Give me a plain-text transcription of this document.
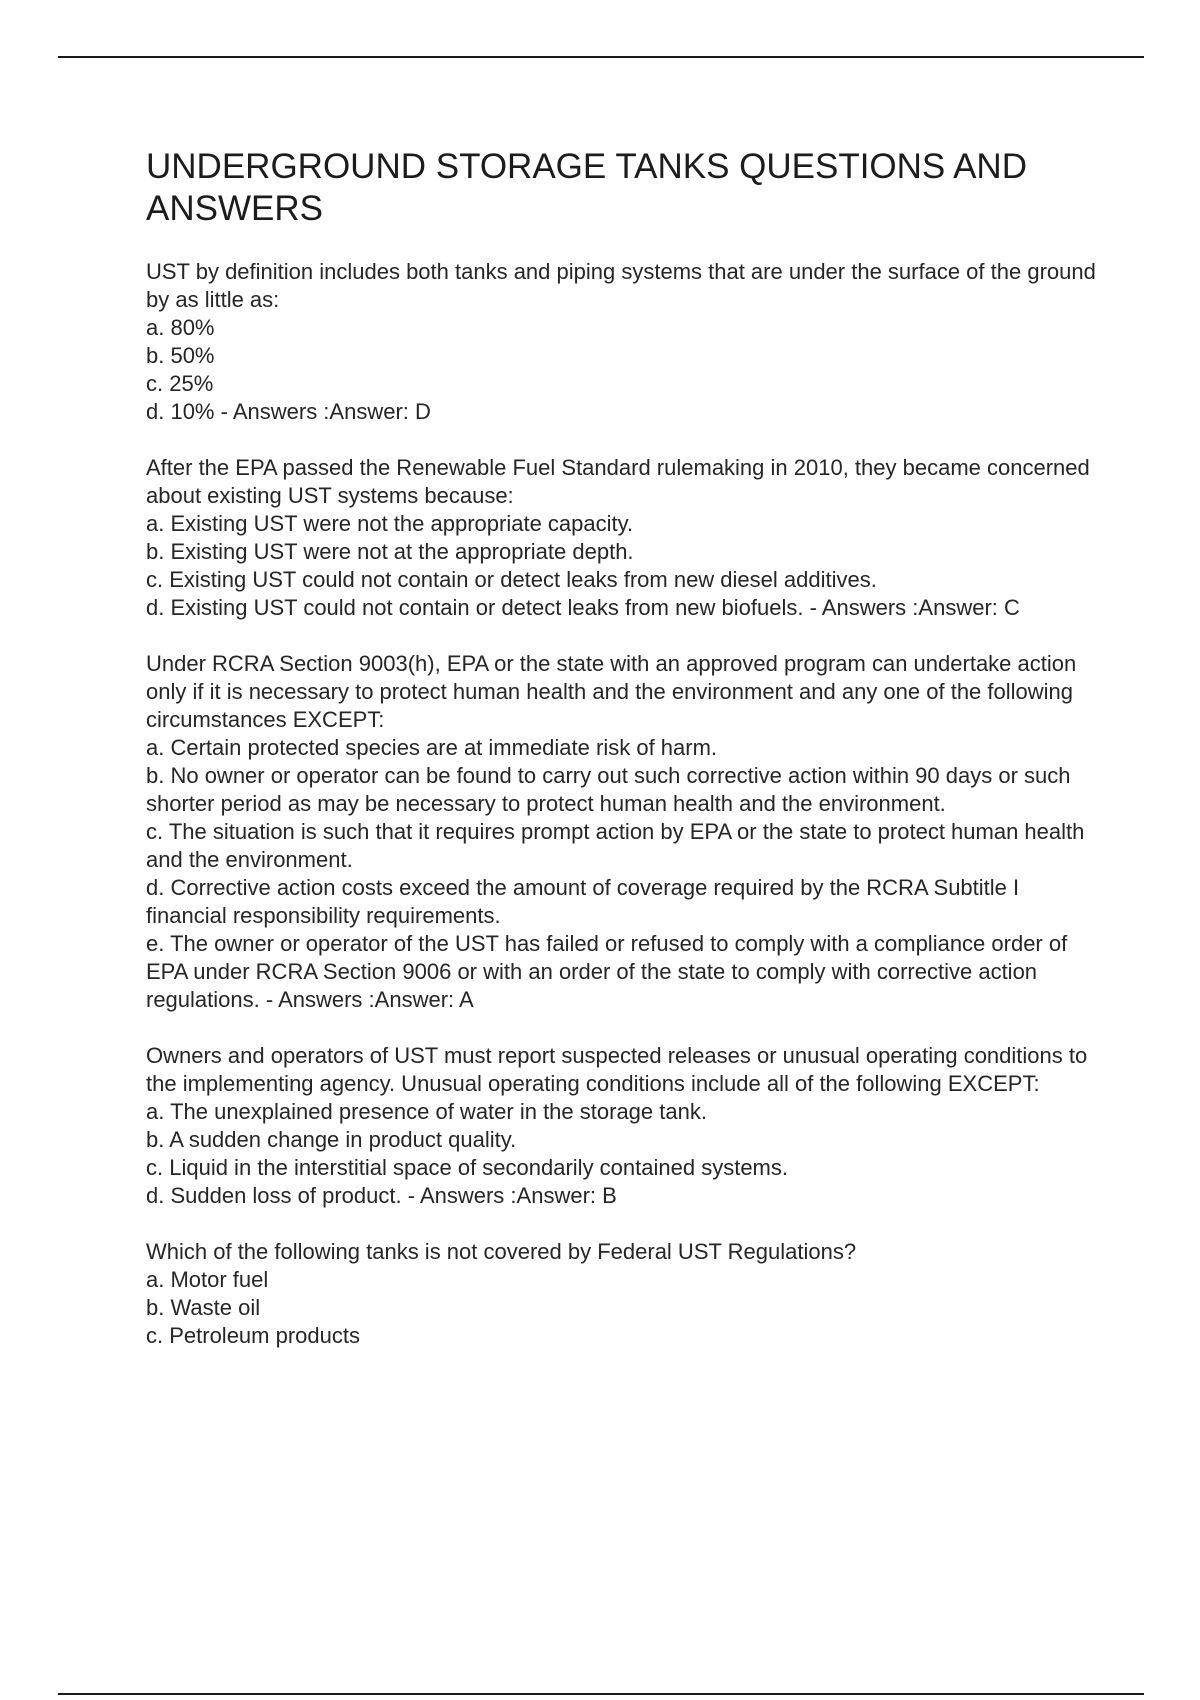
UNDERGROUND STORAGE TANKS QUESTIONS AND ANSWERS
UST by definition includes both tanks and piping systems that are under the surface of the ground by as little as:
a. 80%
b. 50%
c. 25%
d. 10% - Answers :Answer: D
After the EPA passed the Renewable Fuel Standard rulemaking in 2010, they became concerned about existing UST systems because:
a. Existing UST were not the appropriate capacity.
b. Existing UST were not at the appropriate depth.
c. Existing UST could not contain or detect leaks from new diesel additives.
d. Existing UST could not contain or detect leaks from new biofuels. - Answers :Answer: C
Under RCRA Section 9003(h), EPA or the state with an approved program can undertake action only if it is necessary to protect human health and the environment and any one of the following circumstances EXCEPT:
a. Certain protected species are at immediate risk of harm.
b. No owner or operator can be found to carry out such corrective action within 90 days or such shorter period as may be necessary to protect human health and the environment.
c. The situation is such that it requires prompt action by EPA or the state to protect human health and the environment.
d. Corrective action costs exceed the amount of coverage required by the RCRA Subtitle I financial responsibility requirements.
e. The owner or operator of the UST has failed or refused to comply with a compliance order of EPA under RCRA Section 9006 or with an order of the state to comply with corrective action regulations. - Answers :Answer: A
Owners and operators of UST must report suspected releases or unusual operating conditions to the implementing agency. Unusual operating conditions include all of the following EXCEPT:
a. The unexplained presence of water in the storage tank.
b. A sudden change in product quality.
c. Liquid in the interstitial space of secondarily contained systems.
d. Sudden loss of product. - Answers :Answer: B
Which of the following tanks is not covered by Federal UST Regulations?
a. Motor fuel
b. Waste oil
c. Petroleum products
